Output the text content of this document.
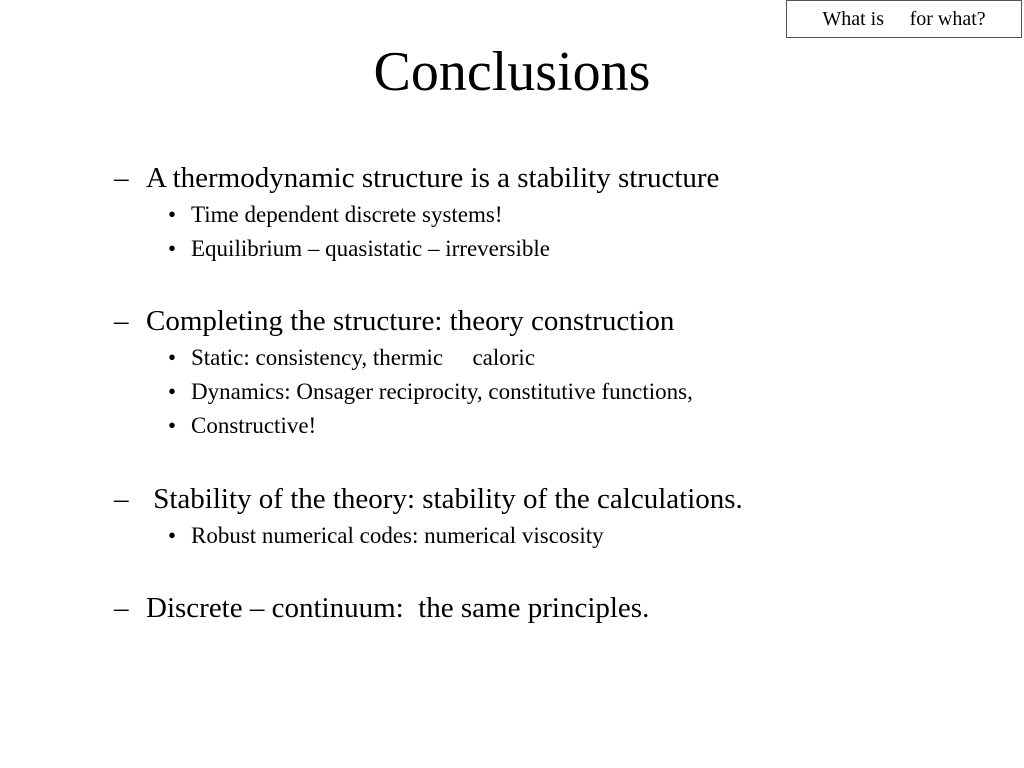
What is   for what?
Conclusions
– A thermodynamic structure is a stability structure
• Time dependent discrete systems!
• Equilibrium – quasistatic – irreversible
– Completing the structure: theory construction
• Static: consistency, thermic   caloric
• Dynamics: Onsager reciprocity, constitutive functions,
• Constructive!
– Stability of the theory: stability of the calculations.
• Robust numerical codes: numerical viscosity
– Discrete – continuum:  the same principles.
